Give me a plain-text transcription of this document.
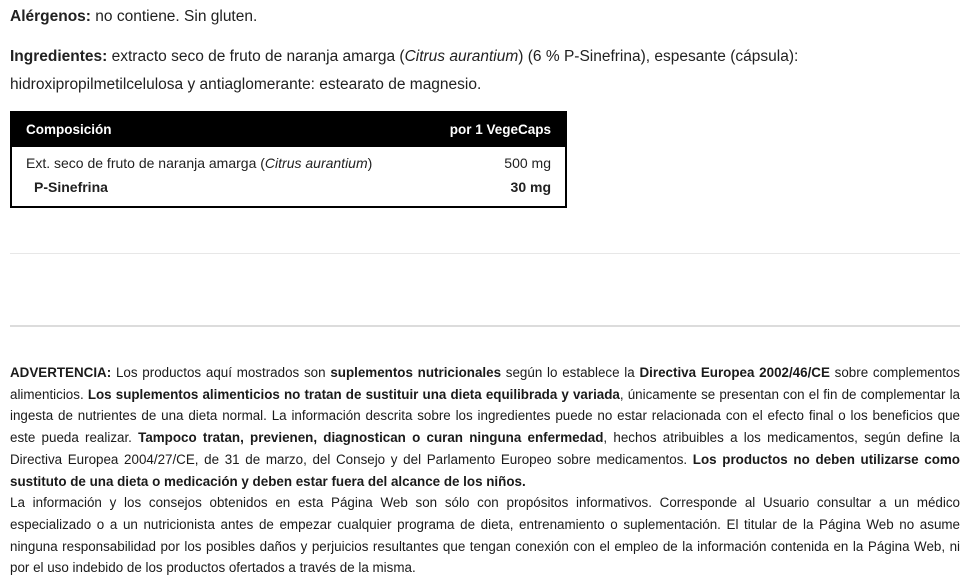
Alérgenos: no contiene. Sin gluten.

Ingredientes: extracto seco de fruto de naranja amarga (Citrus aurantium) (6 % P-Sinefrina), espesante (cápsula): hidroxipropilmetilcelulosa y antiaglomerante: estearato de magnesio.

Composición	por 1 VegeCaps
Ext. seco de fruto de naranja amarga (Citrus aurantium)	500 mg
P-Sinefrina	30 mg

ADVERTENCIA: Los productos aquí mostrados son suplementos nutricionales según lo establece la Directiva Europea 2002/46/CE sobre complementos alimenticios. Los suplementos alimenticios no tratan de sustituir una dieta equilibrada y variada, únicamente se presentan con el fin de complementar la ingesta de nutrientes de una dieta normal. La información descrita sobre los ingredientes puede no estar relacionada con el efecto final o los beneficios que este pueda realizar. Tampoco tratan, previenen, diagnostican o curan ninguna enfermedad, hechos atribuibles a los medicamentos, según define la Directiva Europea 2004/27/CE, de 31 de marzo, del Consejo y del Parlamento Europeo sobre medicamentos. Los productos no deben utilizarse como sustituto de una dieta o medicación y deben estar fuera del alcance de los niños.

La información y los consejos obtenidos en esta Página Web son sólo con propósitos informativos. Corresponde al Usuario consultar a un médico especializado o a un nutricionista antes de empezar cualquier programa de dieta, entrenamiento o suplementación. El titular de la Página Web no asume ninguna responsabilidad por los posibles daños y perjuicios resultantes que tengan conexión con el empleo de la información contenida en la Página Web, ni por el uso indebido de los productos ofertados a través de la misma.
